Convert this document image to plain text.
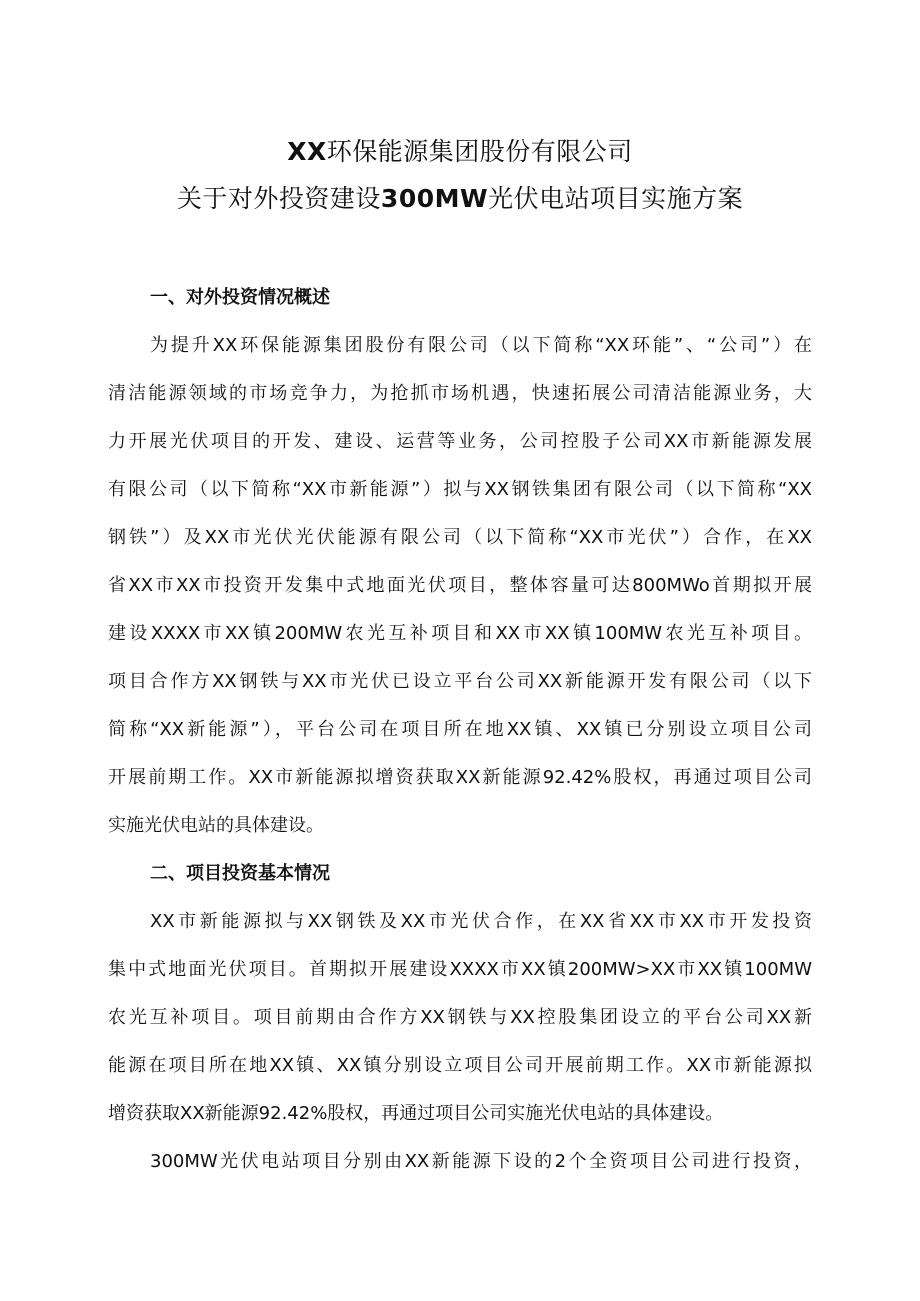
XX环保能源集团股份有限公司
关于对外投资建设300MW光伏电站项目实施方案
一、对外投资情况概述
为提升XX环保能源集团股份有限公司（以下简称“XX环能”、“公司”）在
清洁能源领域的市场竞争力，为抢抓市场机遇，快速拓展公司清洁能源业务，大
力开展光伏项目的开发、建设、运营等业务，公司控股子公司XX市新能源发展
有限公司（以下简称“XX市新能源”）拟与XX钢铁集团有限公司（以下简称“XX
钢铁”）及XX市光伏光伏能源有限公司（以下简称“XX市光伏”）合作，在XX
省XX市XX市投资开发集中式地面光伏项目，整体容量可达800MWo首期拟开展
建设XXXX市XX镇200MW农光互补项目和XX市XX镇100MW农光互补项目。
项目合作方XX钢铁与XX市光伏已设立平台公司XX新能源开发有限公司（以下
简称“XX新能源”），平台公司在项目所在地XX镇、XX镇已分别设立项目公司
开展前期工作。XX市新能源拟增资获取XX新能源92.42%股权，再通过项目公司
实施光伏电站的具体建设。
二、项目投资基本情况
XX市新能源拟与XX钢铁及XX市光伏合作，在XX省XX市XX市开发投资
集中式地面光伏项目。首期拟开展建设XXXX市XX镇200MW>XX市XX镇100MW
农光互补项目。项目前期由合作方XX钢铁与XX控股集团设立的平台公司XX新
能源在项目所在地XX镇、XX镇分别设立项目公司开展前期工作。XX市新能源拟
增资获取XX新能源92.42%股权，再通过项目公司实施光伏电站的具体建设。
300MW光伏电站项目分别由XX新能源下设的2个全资项目公司进行投资，
